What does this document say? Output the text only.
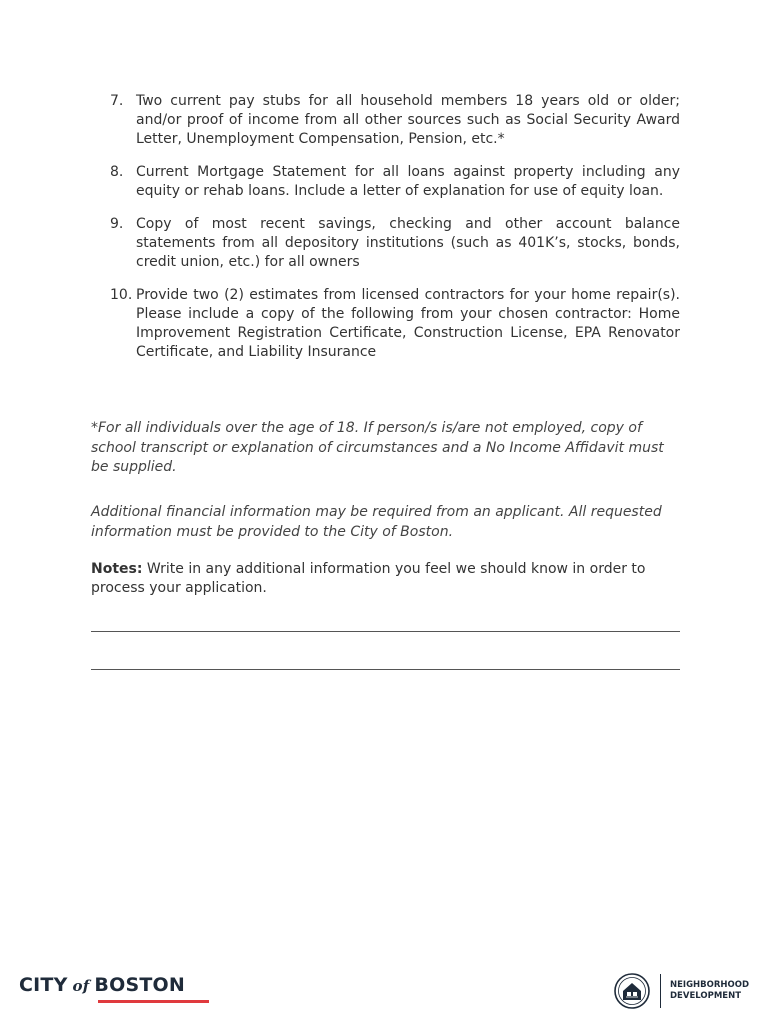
7. Two current pay stubs for all household members 18 years old or older; and/or proof of income from all other sources such as Social Security Award Letter, Unemployment Compensation, Pension, etc.*
8. Current Mortgage Statement for all loans against property including any equity or rehab loans. Include a letter of explanation for use of equity loan.
9. Copy of most recent savings, checking and other account balance statements from all depository institutions (such as 401K’s, stocks, bonds, credit union, etc.) for all owners
10. Provide two (2) estimates from licensed contractors for your home repair(s). Please include a copy of the following from your chosen contractor: Home Improvement Registration Certificate, Construction License, EPA Renovator Certificate, and Liability Insurance
*For all individuals over the age of 18. If person/s is/are not employed, copy of school transcript or explanation of circumstances and a No Income Affidavit must be supplied.
Additional financial information may be required from an applicant. All requested information must be provided to the City of Boston.
Notes: Write in any additional information you feel we should know in order to process your application.
CITY of BOSTON	NEIGHBORHOOD
DEVELOPMENT
